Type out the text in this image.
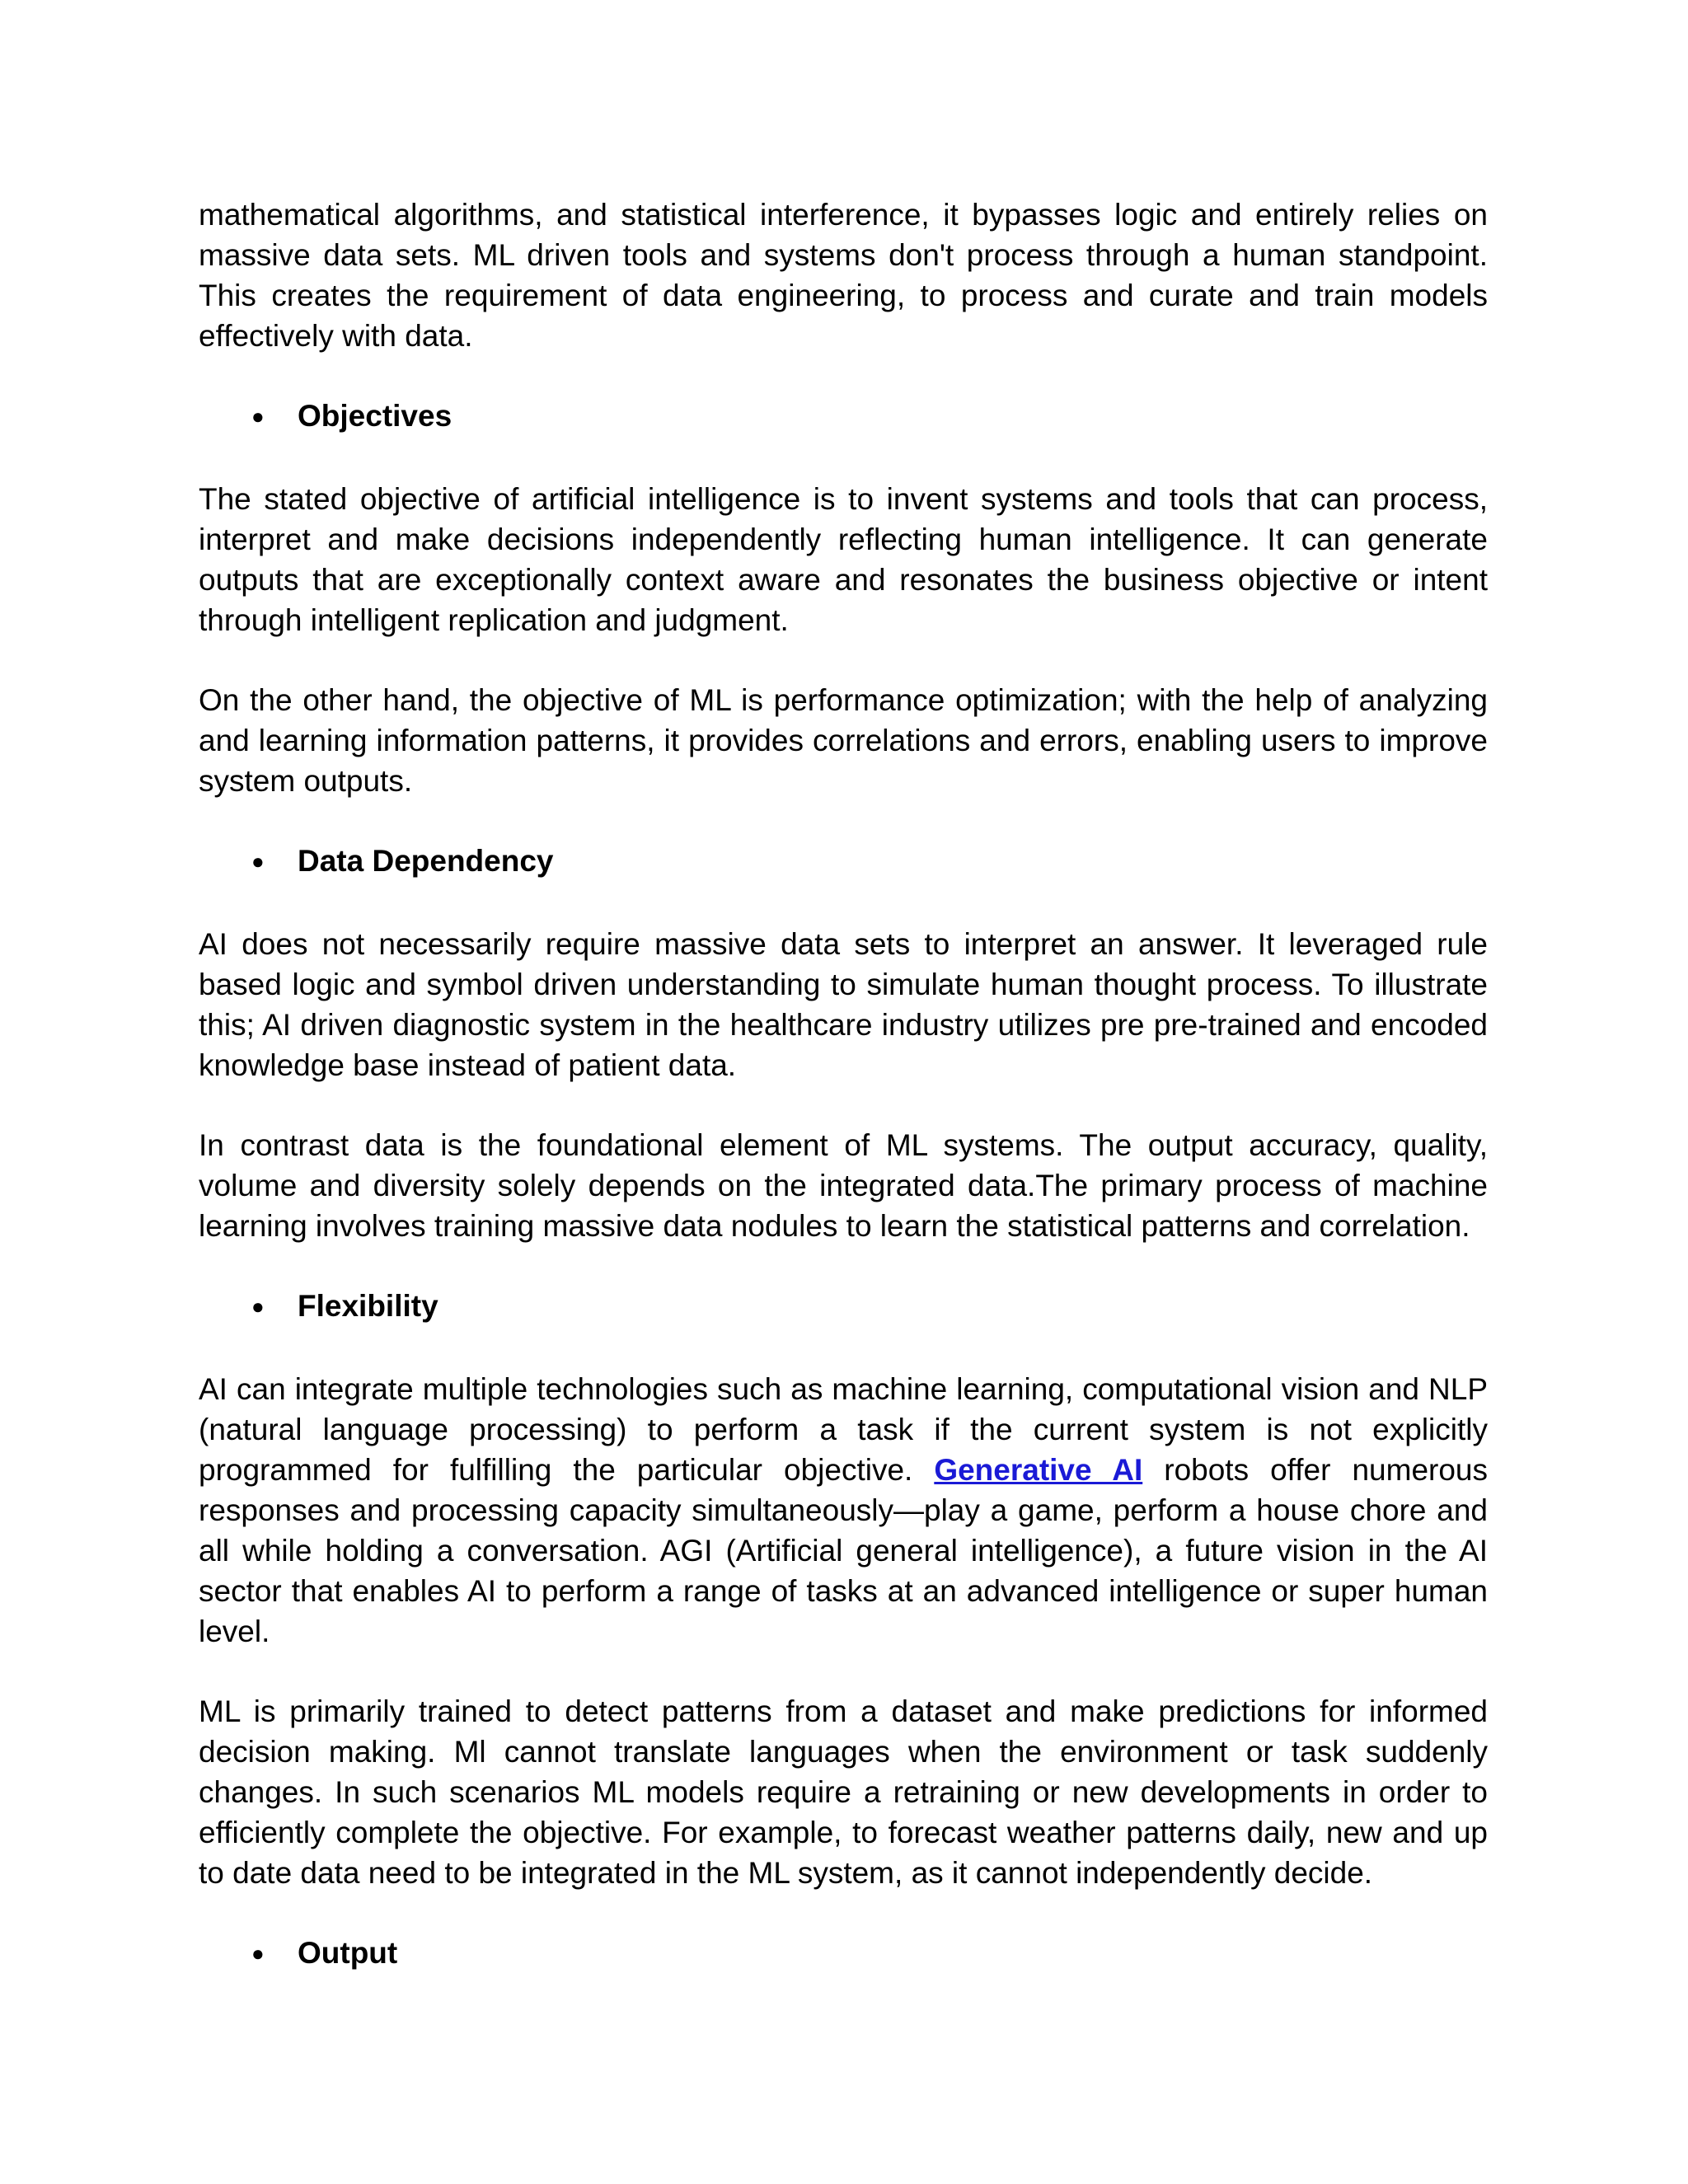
mathematical algorithms, and statistical interference, it bypasses logic and entirely relies on massive data sets. ML driven tools and systems don't process through a human standpoint. This creates the requirement of data engineering, to process and curate and train models effectively with data.

●
Objectives

The stated objective of artificial intelligence is to invent systems and tools that can process, interpret and make decisions independently reflecting human intelligence. It can generate outputs that are exceptionally context aware and resonates the business objective or intent through intelligent replication and judgment.

On the other hand, the objective of ML is performance optimization; with the help of analyzing and learning information patterns, it provides correlations and errors, enabling users to improve system outputs.

●
Data Dependency

AI does not necessarily require massive data sets to interpret an answer. It leveraged rule based logic and symbol driven understanding to simulate human thought process. To illustrate this; AI driven diagnostic system in the healthcare industry utilizes pre pre-trained and encoded knowledge base instead of patient data.

In contrast data is the foundational element of ML systems. The output accuracy, quality, volume and diversity solely depends on the integrated data.The primary process of machine learning involves training massive data nodules to learn the statistical patterns and correlation.

●
Flexibility

AI can integrate multiple technologies such as machine learning, computational vision and NLP (natural language processing) to perform a task if the current system is not explicitly programmed for fulfilling the particular objective. Generative AI robots offer numerous responses and processing capacity simultaneously—play a game, perform a house chore and all while holding a conversation. AGI (Artificial general intelligence), a future vision in the AI sector that enables AI to perform a range of tasks at an advanced intelligence or super human level.

ML is primarily trained to detect patterns from a dataset and make predictions for informed decision making. Ml cannot translate languages when the environment or task suddenly changes. In such scenarios ML models require a retraining or new developments in order to efficiently complete the objective. For example, to forecast weather patterns daily, new and up to date data need to be integrated in the ML system, as it cannot independently decide.

●
Output
